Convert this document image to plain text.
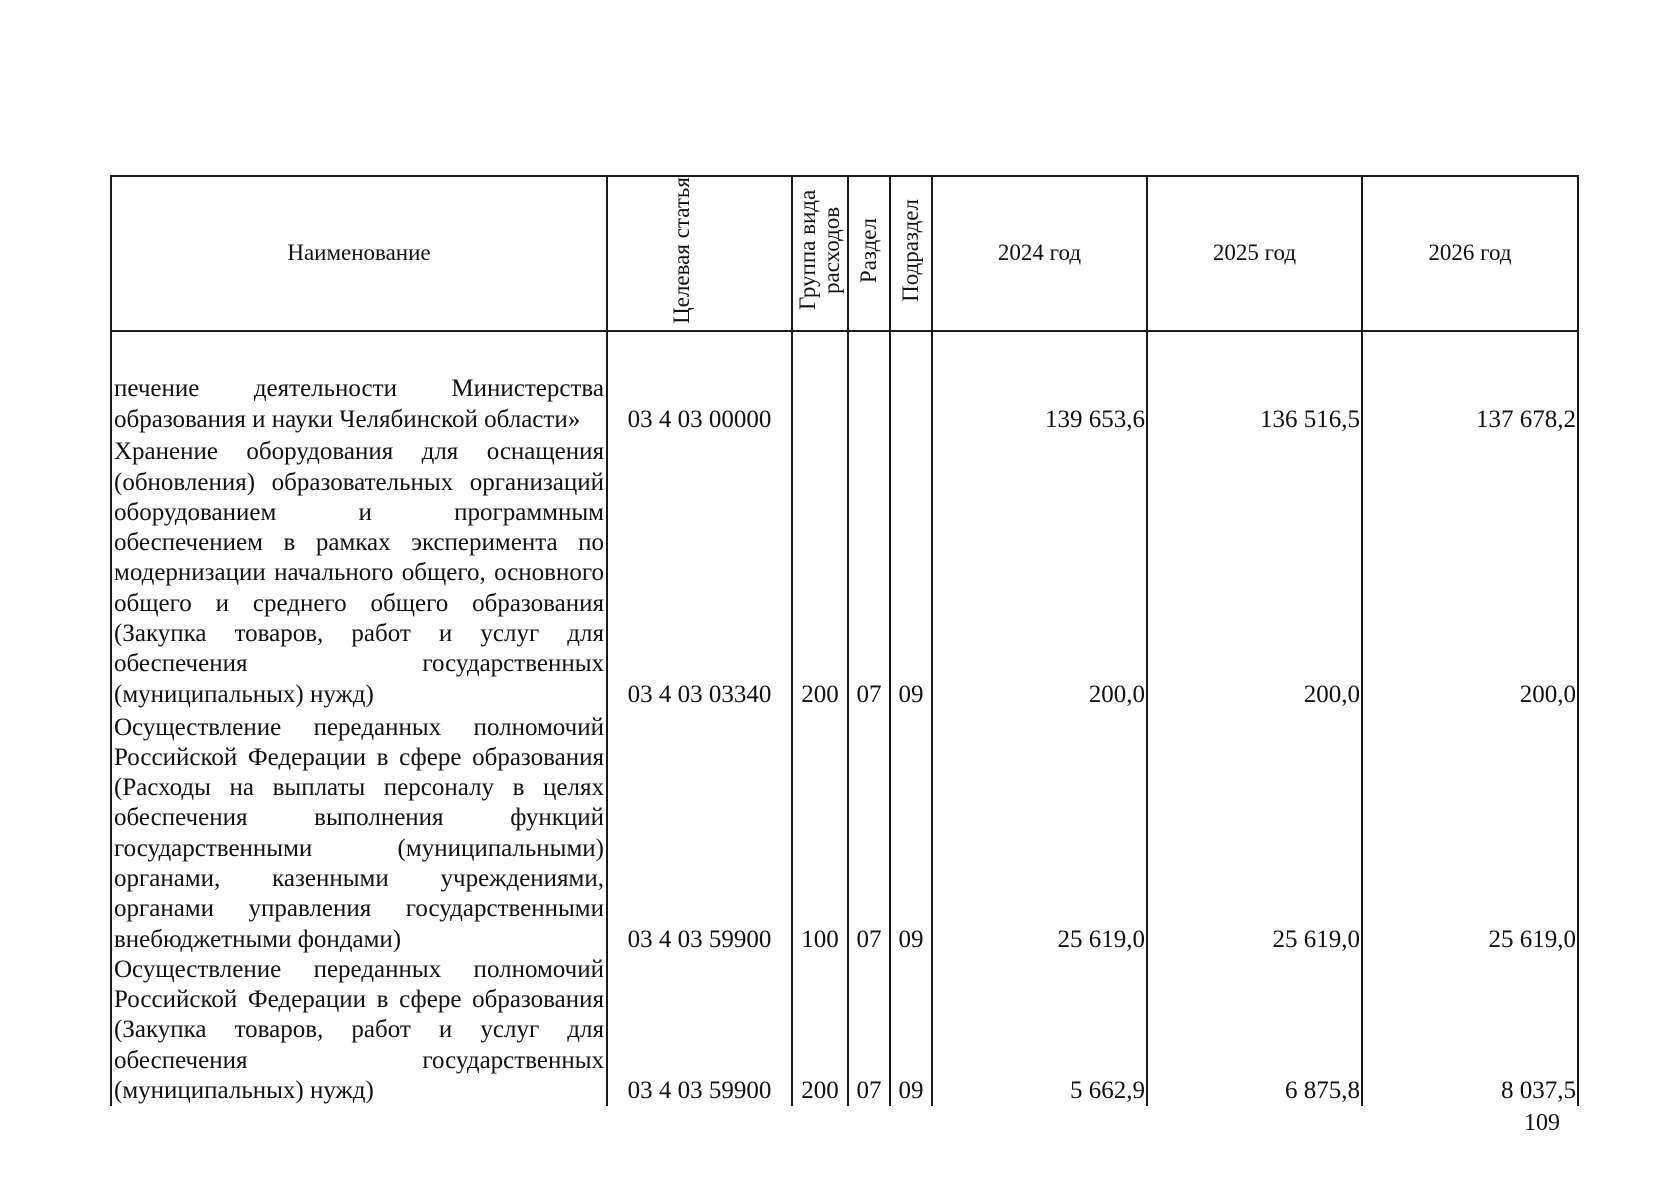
Наименование	Целевая статья	Группа вида расходов	Раздел	Подраздел	2024 год	2025 год	2026 год
печение деятельности Министерства образования и науки Челябинской области»	03 4 03 00000				139 653,6	136 516,5	137 678,2
Хранение оборудования для оснащения (обновления) образовательных организаций оборудованием и программным обеспечением в рамках эксперимента по модернизации начального общего, основного общего и среднего общего образования (Закупка товаров, работ и услуг для обеспечения государственных (муниципальных) нужд)	03 4 03 03340	200	07	09	200,0	200,0	200,0
Осуществление переданных полномочий Российской Федерации в сфере образования (Расходы на выплаты персоналу в целях обеспечения выполнения функций государственными (муниципальными) органами, казенными учреждениями, органами управления государственными внебюджетными фондами)	03 4 03 59900	100	07	09	25 619,0	25 619,0	25 619,0
Осуществление переданных полномочий Российской Федерации в сфере образования (Закупка товаров, работ и услуг для обеспечения государственных (муниципальных) нужд)	03 4 03 59900	200	07	09	5 662,9	6 875,8	8 037,5
109
